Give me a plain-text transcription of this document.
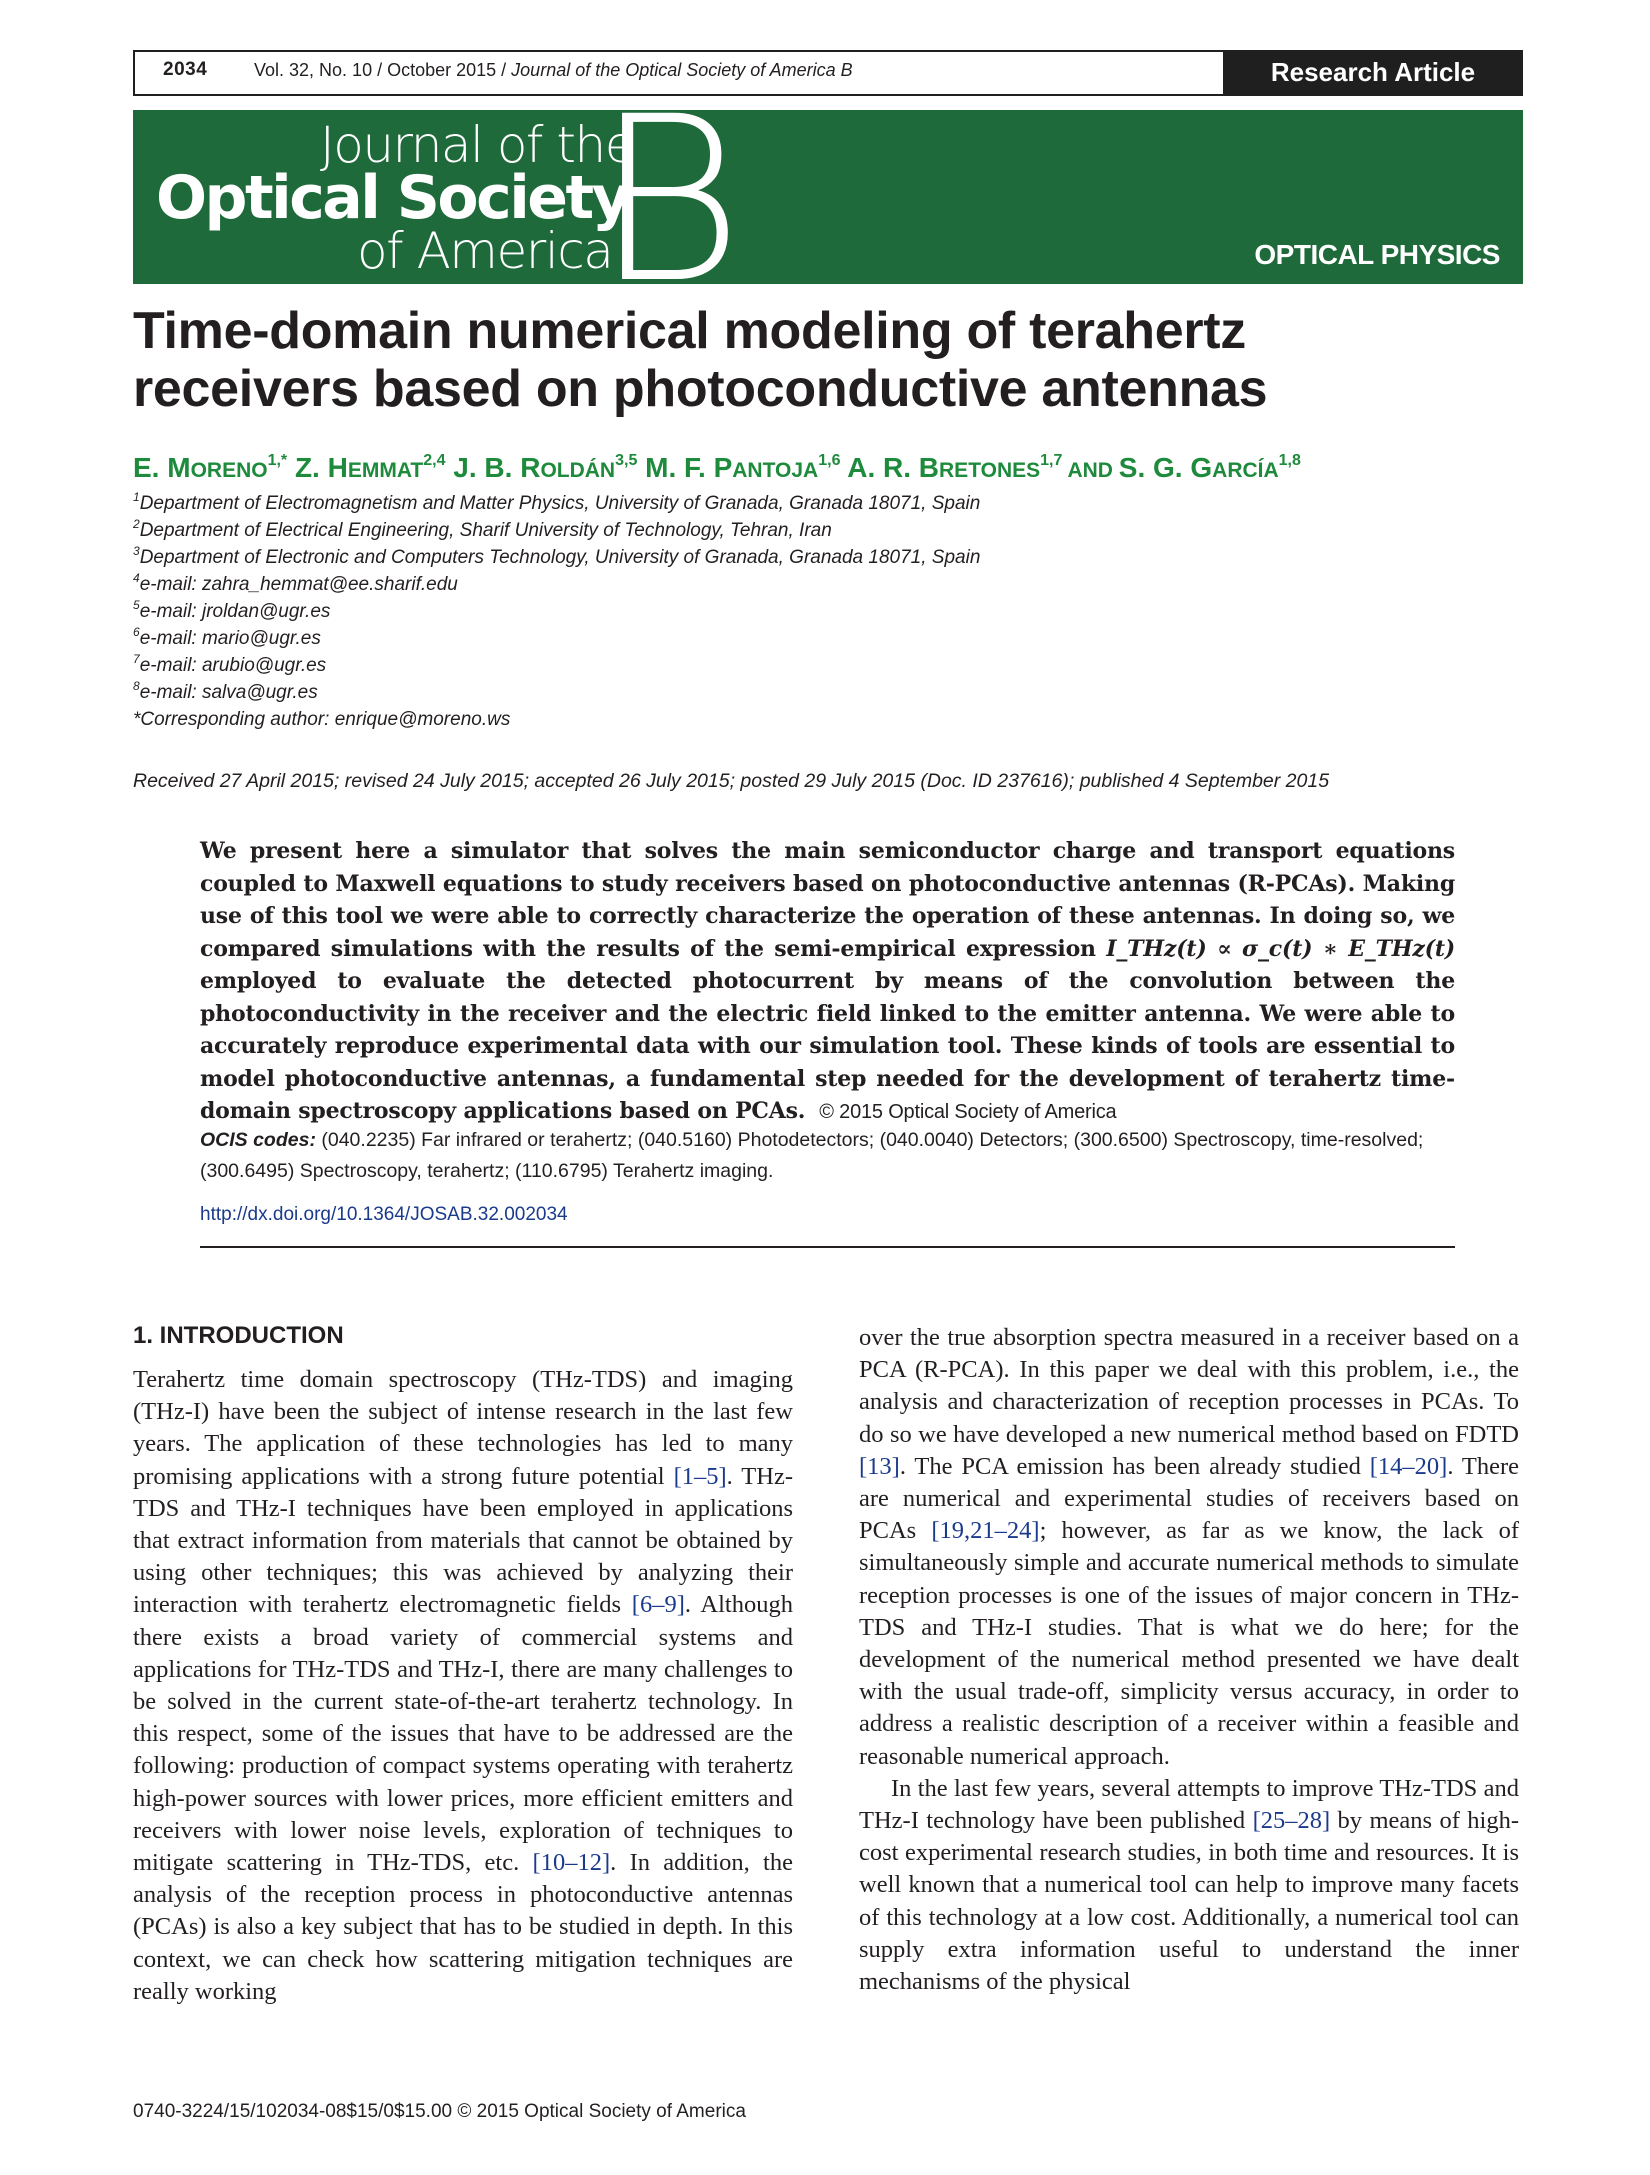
2034	Vol. 32, No. 10 / October 2015 / Journal of the Optical Society of America B	Research Article
Journal of the
Optical Society
of America
B	OPTICAL PHYSICS
Time-domain numerical modeling of terahertz
receivers based on photoconductive antennas
E. $MORENO^{1,*}$ Z. HEMMAT$^{2,4}$ J. B. ROLDÁN$^{3,5}$ M. F. PANTOJA$^{1,6}$ A. R. BRETONES$^{1,7}$ AND S. G. GARCÍA$^{1,8}$
$^1$Department of Electromagnetism and Matter Physics, University of Granada, Granada 18071, Spain
$^2$Department of Electrical Engineering, Sharif University of Technology, Tehran, Iran
$^3$Department of Electronic and Computers Technology, University of Granada, Granada 18071, Spain
$^4$e-mail: zahra_hemmat@ee.sharif.edu
$^5$e-mail: jroldan@ugr.es
$^6$e-mail: mario@ugr.es
$^7$e-mail: arubio@ugr.es
$^8$e-mail: salva@ugr.es
*Corresponding author: enrique@moreno.ws
Received 27 April 2015; revised 24 July 2015; accepted 26 July 2015; posted 29 July 2015 (Doc. ID 237616); published 4 September 2015
We present here a simulator that solves the main semiconductor charge and transport equations coupled to Maxwell equations to study receivers based on photoconductive antennas (R-PCAs). Making use of this tool we were able to correctly characterize the operation of these antennas. In doing so, we compared simulations with the results of the semi-empirical expression I_THz(t) ∝ σ_c(t) ∗ E_THz(t) employed to evaluate the detected photocurrent by means of the convolution between the photoconductivity in the receiver and the electric field linked to the emitter antenna. We were able to accurately reproduce experimental data with our simulation tool. These kinds of tools are essential to model photoconductive antennas, a fundamental step needed for the development of terahertz time-domain spectroscopy applications based on PCAs. © 2015 Optical Society of America
OCIS codes: (040.2235) Far infrared or terahertz; (040.5160) Photodetectors; (040.0040) Detectors; (300.6500) Spectroscopy, time-resolved; (300.6495) Spectroscopy, terahertz; (110.6795) Terahertz imaging.
http://dx.doi.org/10.1364/JOSAB.32.002034
1. INTRODUCTION
Terahertz time domain spectroscopy (THz-TDS) and imaging (THz-I) have been the subject of intense research in the last few years. The application of these technologies has led to many promising applications with a strong future potential [1–5]. THz-TDS and THz-I techniques have been employed in applications that extract information from materials that cannot be obtained by using other techniques; this was achieved by analyzing their interaction with terahertz electromagnetic fields [6–9]. Although there exists a broad variety of commercial systems and applications for THz-TDS and THz-I, there are many challenges to be solved in the current state-of-the-art terahertz technology. In this respect, some of the issues that have to be addressed are the following: production of compact systems operating with terahertz high-power sources with lower prices, more efficient emitters and receivers with lower noise levels, exploration of techniques to mitigate scattering in THz-TDS, etc. [10–12]. In addition, the analysis of the reception process in photoconductive antennas (PCAs) is also a key subject that has to be studied in depth. In this context, we can check how scattering mitigation techniques are really working
over the true absorption spectra measured in a receiver based on a PCA (R-PCA). In this paper we deal with this problem, i.e., the analysis and characterization of reception processes in PCAs. To do so we have developed a new numerical method based on FDTD [13]. The PCA emission has been already studied [14–20]. There are numerical and experimental studies of receivers based on PCAs [19,21–24]; however, as far as we know, the lack of simultaneously simple and accurate numerical methods to simulate reception processes is one of the issues of major concern in THz-TDS and THz-I studies. That is what we do here; for the development of the numerical method presented we have dealt with the usual trade-off, simplicity versus accuracy, in order to address a realistic description of a receiver within a feasible and reasonable numerical approach.
In the last few years, several attempts to improve THz-TDS and THz-I technology have been published [25–28] by means of high-cost experimental research studies, in both time and resources. It is well known that a numerical tool can help to improve many facets of this technology at a low cost. Additionally, a numerical tool can supply extra information useful to understand the inner mechanisms of the physical
0740-3224/15/102034-08$15/0$15.00 © 2015 Optical Society of America
